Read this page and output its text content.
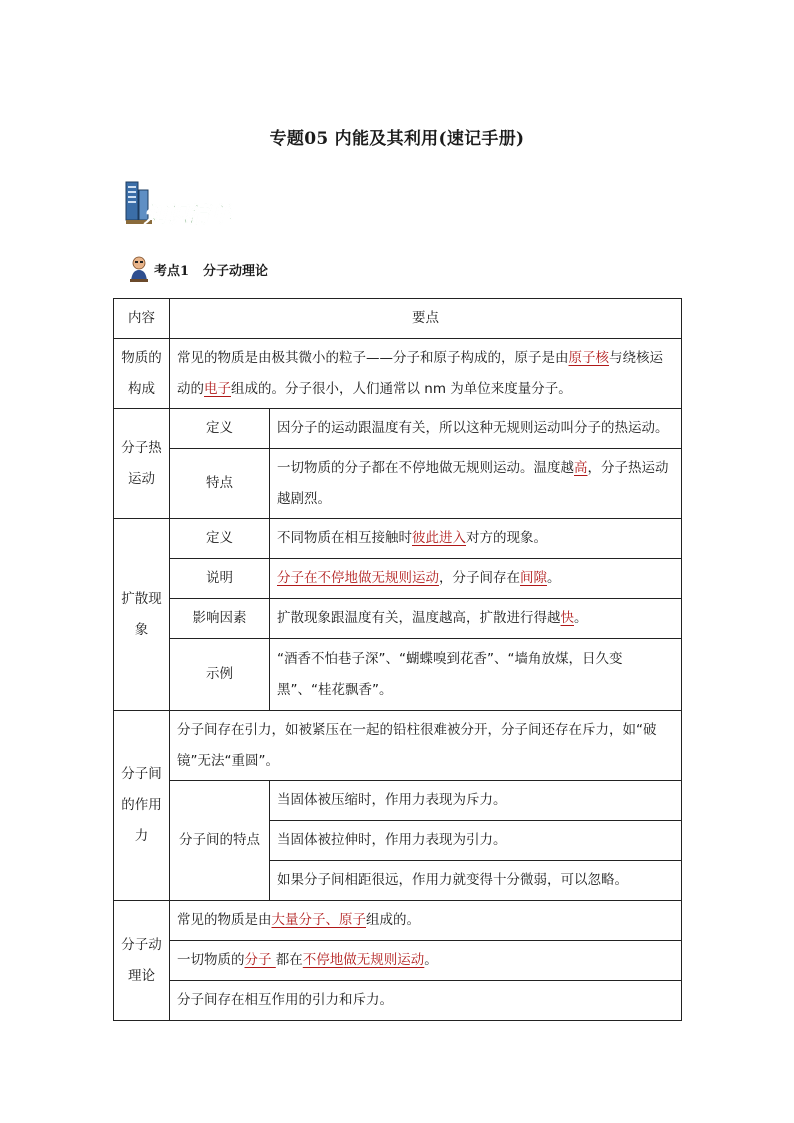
专题05 内能及其利用(速记手册)
知识清单
考点1 分子动理论
内容	要点	
物质的构成	常见的物质是由极其微小的粒子——分子和原子构成的，原子是由原子核与绕核运动的电子组成的。分子很小，人们通常以 nm 为单位来度量分子。	
分子热运动	定义	因分子的运动跟温度有关，所以这种无规则运动叫分子的热运动。
	特点	一切物质的分子都在不停地做无规则运动。温度越高，分子热运动越剧烈。
扩散现象	定义	不同物质在相互接触时彼此进入对方的现象。
	说明	分子在不停地做无规则运动，分子间存在间隙。
	影响因素	扩散现象跟温度有关，温度越高，扩散进行得越快。
	示例	“酒香不怕巷子深”、“蝴蝶嗅到花香”、“墙角放煤，日久变黑”、“桂花飘香”。
分子间的作用力	分子间存在引力，如被紧压在一起的铅柱很难被分开，分子间还存在斥力，如“破镜”无法“重圆”。	
	分子间的特点	当固体被压缩时，作用力表现为斥力。
		当固体被拉伸时，作用力表现为引力。
		如果分子间相距很远，作用力就变得十分微弱，可以忽略。
分子动理论	常见的物质是由大量分子、原子组成的。	
	一切物质的分子 都在不停地做无规则运动。	
	分子间存在相互作用的引力和斥力。	
